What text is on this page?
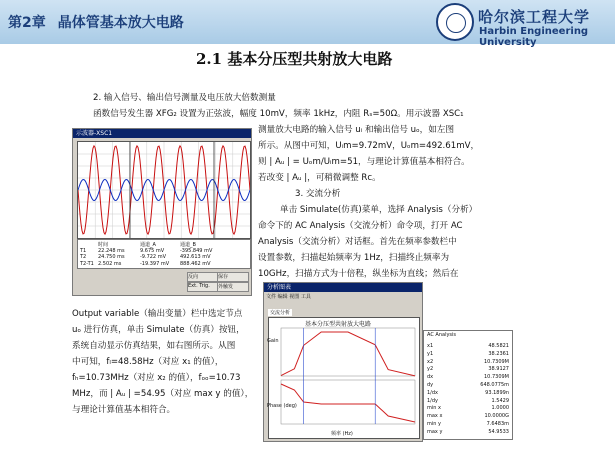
第2章 晶体管基本放大电路	哈尔滨工程大学
Harbin Engineering University
2.1 基本分压型共射放大电路
2. 输入信号、输出信号测量及电压放大倍数测量
函数信号发生器 XFG₂ 设置为正弦波，幅度 10mV，频率 1kHz，内阻 Rₛ=50Ω。用示波器 XSC₁
测量放大电路的输入信号 uᵢ 和输出信号 uₒ，如左图
所示。从图中可知，Uᵢm=9.72mV，Uₒm=492.61mV，
则 | Aᵤ | = Uₒm/Uᵢm=51，与理论计算值基本相符合。
若改变 | Aᵤ |，可稍微调整 Rᴄ。
3. 交流分析
单击 Simulate(仿真)菜单，选择 Analysis（分析）
命令下的 AC Analysis（交流分析）命令项，打开 AC
Analysis（交流分析）对话框。首先在频率参数栏中
设置参数，扫描起始频率为 1Hz，扫描终止频率为
10GHz，扫描方式为十倍程，纵坐标为直线；然后在
Output variable（输出变量）栏中选定节点
uₒ 进行仿真，单击 Simulate（仿真）按钮，
系统自动显示仿真结果，如右图所示。从图
中可知，fₗ=48.58Hz（对应 x₁ 的值），
fₕ=10.73MHz（对应 x₂ 的值），fₒₒ=10.73
MHz，而 | Aᵤ | =54.95（对应 max y 的值），
与理论计算值基本相符合。
示波器-XSC1
时间	通道_A	通道_B
T1 22.248 ms	9.675 mV	-395.849 mV
T2 24.750 ms	-9.722 mV	492.613 mV
T2-T1 2.502 ms	-19.397 mV 888.462 mV
反向	保存
Ext. Trig.	外触发	分析图表
文件 编辑 视图 工具
交流分析
基本分压型共射放大电路
Gain
Phase (deg)
频率 (Hz)
AC Analysis
x1	48.5821
y1	38.2361
x2	10.7309M
y2	38.9127
dx	10.7309M
dy	648.0775m
1/dx	93.1899n
1/dy	1.5429
min x	1.0000
max x	10.0000G
min y	7.6483m
max y	54.9533
